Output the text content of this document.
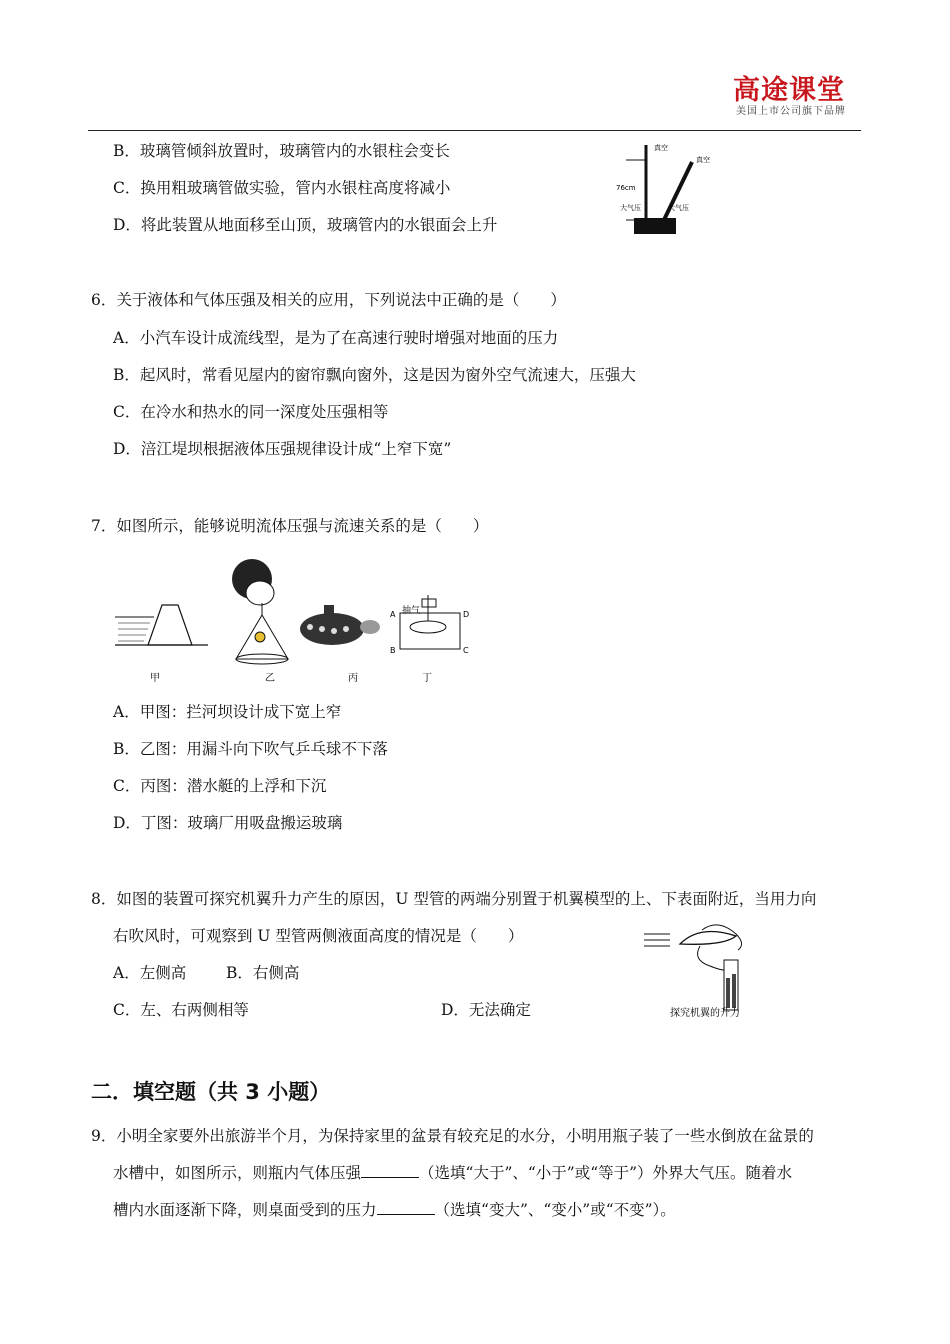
高途课堂
美国上市公司旗下品牌
B．玻璃管倾斜放置时，玻璃管内的水银柱会变长
C．换用粗玻璃管做实验，管内水银柱高度将减小
D．将此装置从地面移至山顶，玻璃管内的水银面会上升
真空
真空
76cm
大气压	大气压
6．关于液体和气体压强及相关的应用，下列说法中正确的是（　　）
A．小汽车设计成流线型，是为了在高速行驶时增强对地面的压力
B．起风时，常看见屋内的窗帘飘向窗外，这是因为窗外空气流速大，压强大
C．在冷水和热水的同一深度处压强相等
D．涪江堤坝根据液体压强规律设计成“上窄下宽”
7．如图所示，能够说明流体压强与流速关系的是（　　）
抽气
A
B	C
D
甲	乙	丙	丁
A．甲图：拦河坝设计成下宽上窄
B．乙图：用漏斗向下吹气乒乓球不下落
C．丙图：潜水艇的上浮和下沉
D．丁图：玻璃厂用吸盘搬运玻璃
8．如图的装置可探究机翼升力产生的原因，U 型管的两端分别置于机翼模型的上、下表面附近，当用力向
右吹风时，可观察到 U 型管两侧液面高度的情况是（　　）
A．左侧高	B．右侧高
C．左、右两侧相等	D．无法确定	探究机翼的升力
二．填空题（共 3 小题）
9．小明全家要外出旅游半个月，为保持家里的盆景有较充足的水分，小明用瓶子装了一些水倒放在盆景的
水槽中，如图所示，则瓶内气体压强	（选填“大于”、“小于”或“等于”）外界大气压。随着水
槽内水面逐渐下降，则桌面受到的压力	（选填“变大”、“变小”或“不变”）。
